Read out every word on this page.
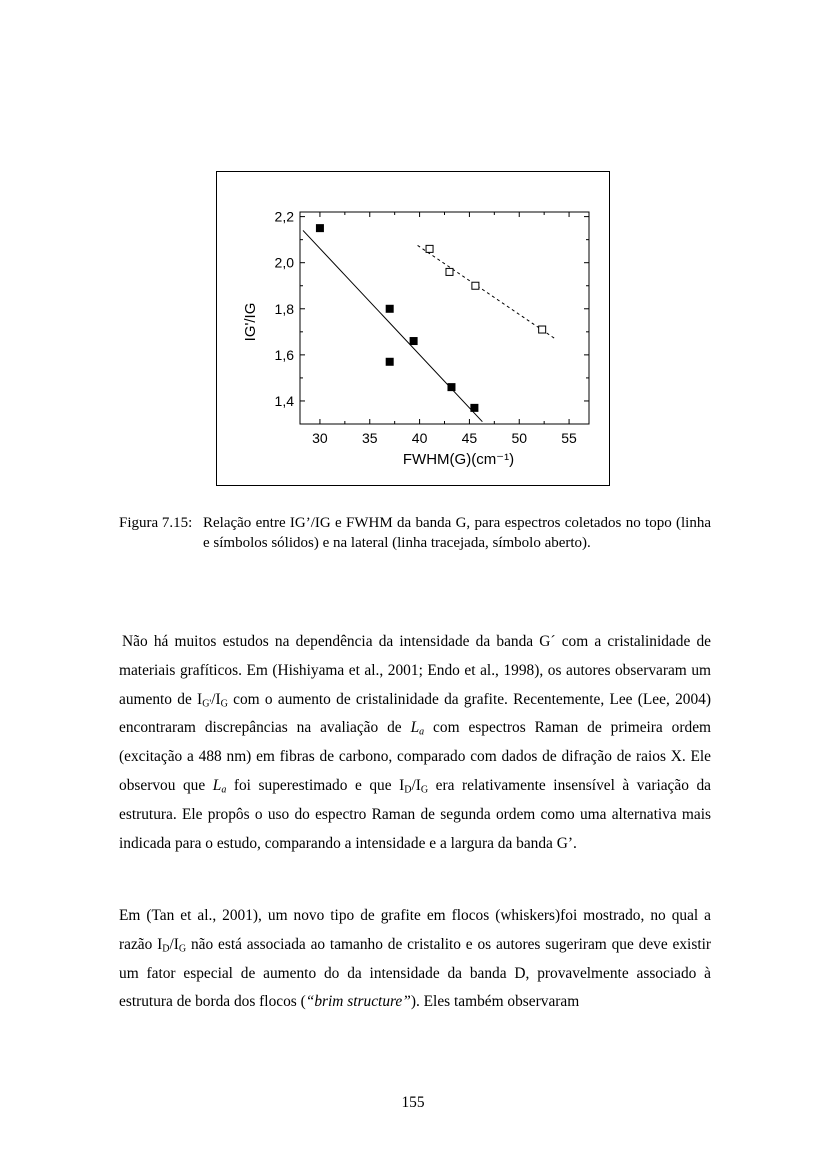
30 35 40 45 50 55
1,4
1,6
1,8
2,0
2,2
FWHM(G)(cm⁻¹)
IG'/IG
Figura 7.15: Relação entre IG’/IG e FWHM da banda G, para espectros coletados no topo (linha e símbolos sólidos) e na lateral (linha tracejada, símbolo aberto).

Não há muitos estudos na dependência da intensidade da banda G´ com a cristalinidade de materiais grafíticos. Em (Hishiyama et al., 2001; Endo et al., 1998), os autores observaram um aumento de $I_{G'}/I_G$ com o aumento de cristalinidade da grafite. Recentemente, Lee (Lee, 2004) encontraram discrepâncias na avaliação de $L_a$ com espectros Raman de primeira ordem (excitação a 488 nm) em fibras de carbono, comparado com dados de difração de raios X. Ele observou que $L_a$ foi superestimado e que $I_D/I_G$ era relativamente insensível à variação da estrutura. Ele propôs o uso do espectro Raman de segunda ordem como uma alternativa mais indicada para o estudo, comparando a intensidade e a largura da banda G’.

Em (Tan et al., 2001), um novo tipo de grafite em flocos (whiskers)foi mostrado, no qual a razão $I_D/I_G$ não está associada ao tamanho de cristalito e os autores sugeriram que deve existir um fator especial de aumento do da intensidade da banda D, provavelmente associado à estrutura de borda dos flocos (“brim structure”). Eles também observaram

155
